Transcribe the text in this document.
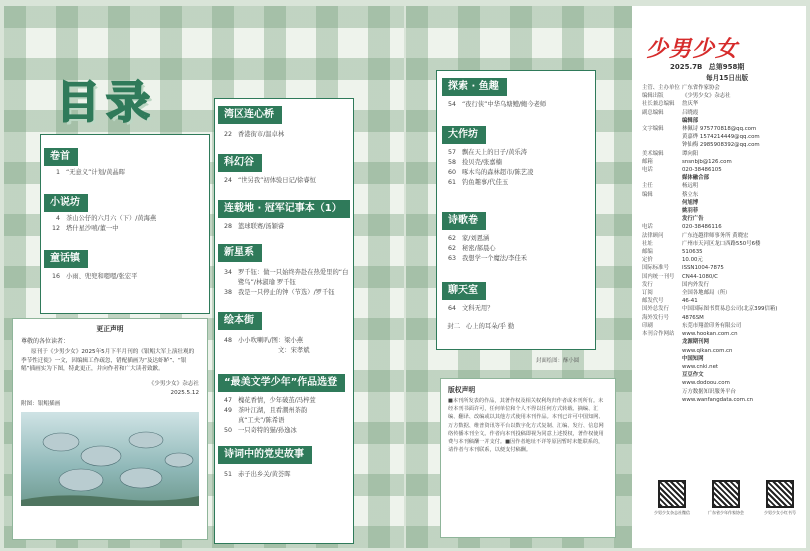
目录
卷首
1 “无意义”计划/黄晶晖
小说坊
4 茶山公仔的六月六（下）/黄海燕
12 塔什星沙嘻/董一中
童话镇
16 小雨、兜兜和嗯嗯/张宏平
更正声明
尊敬的各位读者：
原刊于《少男少女》2025年5月下半月刊的《银鲳大军上演壮观的季节性迁徙》一文，因编辑工作疏忽，错配插画为“及达虾鲈”、“银鲳”插画实为下图，特此更正，并向作者和广大读者致歉。
《少男少女》杂志社
2025.5.12
附图：银鲳插画
湾区连心桥
22 香港街市/温卓林
科幻谷
24 “世另我”初体验日记/徐睿恒
连载地 · 冠军记事本（1）
28 篮球联赛/汤颖睿
新星系
34 罗千钰：做一只始终奔赴在热爱里的“白鹭鸟”/林淑瑜 罗千钰
38 我是一只停止的钟（节选）/罗千钰
绘本街
48 小小吹喇叭/图：梁小燕
文：宋孝斌
“最美文学少年”作品选登
47 槐花香情，少年破茧/冯梓萱
49 茶叶江湖，且看潮州茶韵
真“工夫”/陈希语
50 一只奇特的猫/孙逸冰
诗词中的党史故事
51 赤子出乡关/黄荟晖
探索 · 鱼趣
54 “夜行侠”中华乌塘鳢/鲍今老师
大作坊
57 飘在天上的日子/黄乐涛
58 捡贝壳/张嘉楠
60 啄木鸟的森林超市/陈艺凌
61 钓鱼趣事/代佳玉
诗歌卷
62 家/刘恩涵
62 秘密/郝晨心
63 我想学一个魔法/李佳禾
聊天室
64 文科无用？
封二 心上的耳朵/乎 勤
封面绘图：酥小圆
版权声明
■本刊所发表的作品，其著作权及相关权利均归作者或本刊所有。未经本刊书面许可，任何单位和个人不得以任何方式转载、摘编、汇编、翻译、改编或以其他方式使用本刊作品。本刊已许可中国知网、万方数据、维普资讯等平台以数字化方式复制、汇编、发行、信息网络传播本刊全文。作者向本刊投稿即视为同意上述授权，著作权使用费与本刊稿酬一并支付。■因作者地址不详等原因暂时未能联系的，请作者与本刊联系，以便支付稿酬。
少男少女
2025.7B 总第958期
每月15日出版
主管、主办单位 广东省作家协会
编辑出版	《少男少女》杂志社
社长兼总编辑 詹庆华
副总编辑	吕晓霞
编辑部
文字编辑	林佩诗 975770818@qq.com
黄嘉烨 1574214449@qq.com
钟仙梅 2985908392@qq.com
美术编辑	谭向阳
邮箱	snsnbjb@126.com
电话	020-38486105
媒体融合部
主任	杨远明
编辑	蔡立东
何旭博
姚羽菲
发行广告
电话	020-38486116
法律顾问	广东连越律师事务所 黄晓宏
社址	广州市天河区龙口西路550号6楼
邮编	510635
定价	10.00元
国际标准号 ISSN1004-7875
国内统一刊号 CN44-1080/C
发行	国内外发行
订阅	全国各地邮局（所）
邮发代号	46-41
国外总发行 中国国际图书贸易总公司(北京399信箱)
海外发行号 4876SM
印刷	东莞市翔盈印务有限公司
本刊合作网站 www.hookan.com.cn
龙源期刊网
www.qikan.com.cn
中国知网
www.cnki.net
豆豆作文
www.dodoou.com
万方数据知识服务平台
www.wanfangdata.com.cn
少男少女杂志社微信	广东省少年作家协会	少男少女小红书号
